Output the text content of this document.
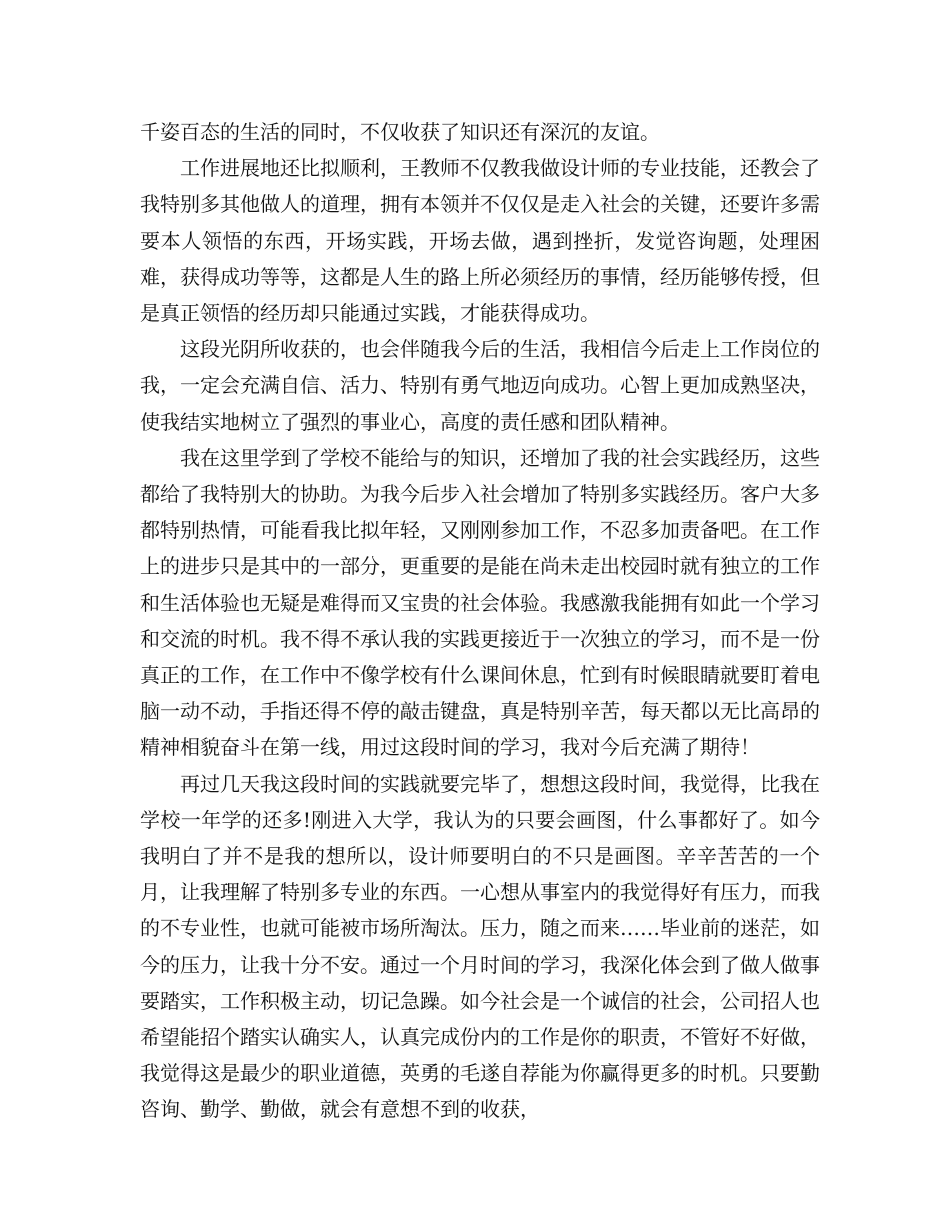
千姿百态的生活的同时，不仅收获了知识还有深沉的友谊。

工作进展地还比拟顺利，王教师不仅教我做设计师的专业技能，还教会了我特别多其他做人的道理，拥有本领并不仅仅是走入社会的关键，还要许多需要本人领悟的东西，开场实践，开场去做，遇到挫折，发觉咨询题，处理困难，获得成功等等，这都是人生的路上所必须经历的事情，经历能够传授，但是真正领悟的经历却只能通过实践，才能获得成功。

这段光阴所收获的，也会伴随我今后的生活，我相信今后走上工作岗位的我，一定会充满自信、活力、特别有勇气地迈向成功。心智上更加成熟坚决，使我结实地树立了强烈的事业心，高度的责任感和团队精神。

我在这里学到了学校不能给与的知识，还增加了我的社会实践经历，这些都给了我特别大的协助。为我今后步入社会增加了特别多实践经历。客户大多都特别热情，可能看我比拟年轻，又刚刚参加工作，不忍多加责备吧。在工作上的进步只是其中的一部分，更重要的是能在尚未走出校园时就有独立的工作和生活体验也无疑是难得而又宝贵的社会体验。我感激我能拥有如此一个学习和交流的时机。我不得不承认我的实践更接近于一次独立的学习，而不是一份真正的工作，在工作中不像学校有什么课间休息，忙到有时候眼睛就要盯着电脑一动不动，手指还得不停的敲击键盘，真是特别辛苦，每天都以无比高昂的精神相貌奋斗在第一线，用过这段时间的学习，我对今后充满了期待！

再过几天我这段时间的实践就要完毕了，想想这段时间，我觉得，比我在学校一年学的还多!刚进入大学，我认为的只要会画图，什么事都好了。如今我明白了并不是我的想所以，设计师要明白的不只是画图。辛辛苦苦的一个月，让我理解了特别多专业的东西。一心想从事室内的我觉得好有压力，而我的不专业性，也就可能被市场所淘汰。压力，随之而来……毕业前的迷茫，如今的压力，让我十分不安。通过一个月时间的学习，我深化体会到了做人做事要踏实，工作积极主动，切记急躁。如今社会是一个诚信的社会，公司招人也希望能招个踏实认确实人，认真完成份内的工作是你的职责，不管好不好做，我觉得这是最少的职业道德，英勇的毛遂自荐能为你赢得更多的时机。只要勤咨询、勤学、勤做，就会有意想不到的收获，
